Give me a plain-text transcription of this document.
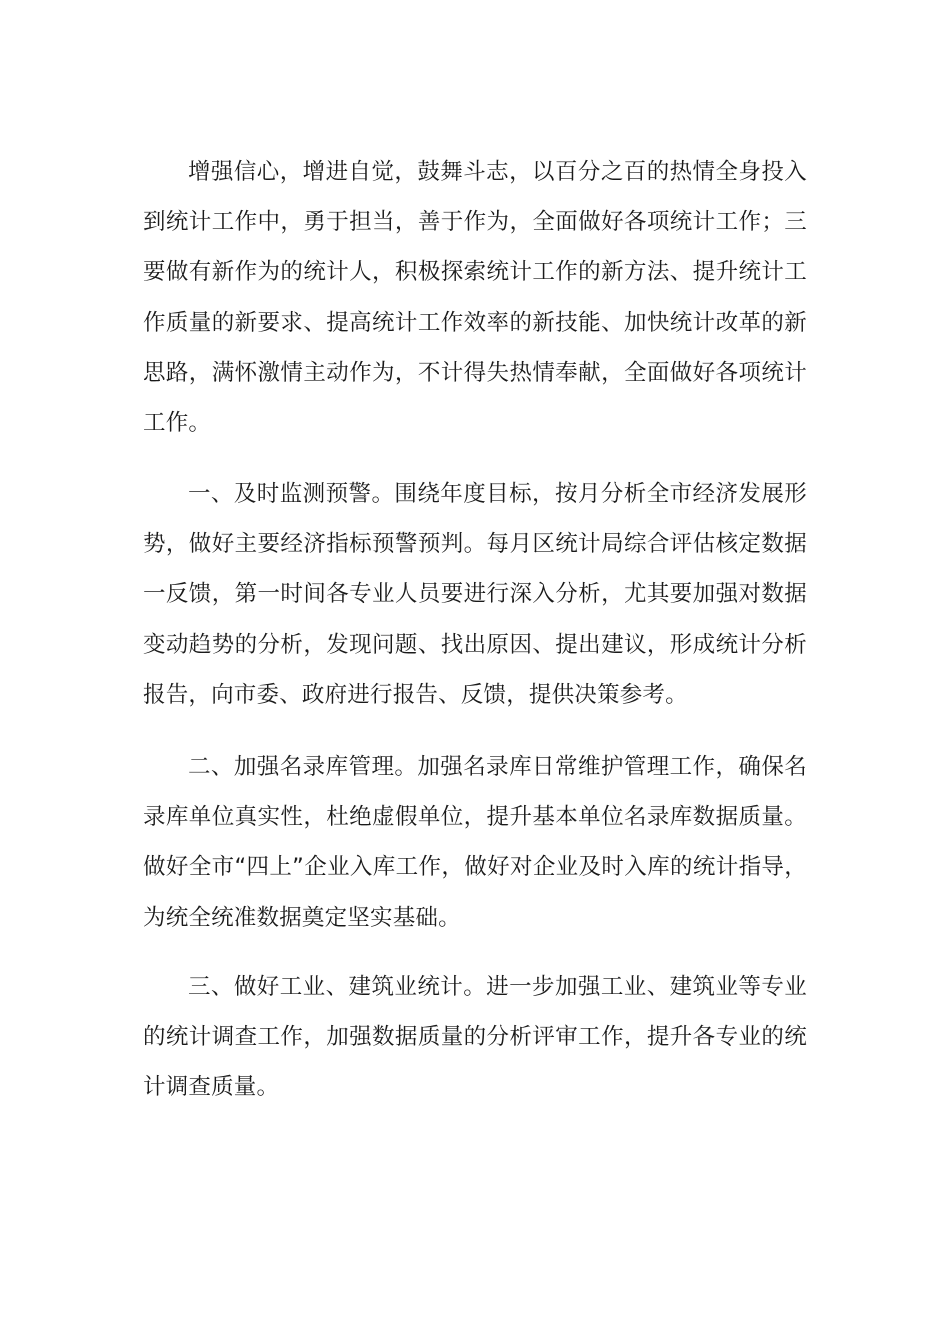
增强信心，增进自觉，鼓舞斗志，以百分之百的热情全身投入到统计工作中，勇于担当，善于作为，全面做好各项统计工作；三要做有新作为的统计人，积极探索统计工作的新方法、提升统计工作质量的新要求、提高统计工作效率的新技能、加快统计改革的新思路，满怀激情主动作为，不计得失热情奉献，全面做好各项统计工作。

一、及时监测预警。围绕年度目标，按月分析全市经济发展形势，做好主要经济指标预警预判。每月区统计局综合评估核定数据一反馈，第一时间各专业人员要进行深入分析，尤其要加强对数据变动趋势的分析，发现问题、找出原因、提出建议，形成统计分析报告，向市委、政府进行报告、反馈，提供决策参考。

二、加强名录库管理。加强名录库日常维护管理工作，确保名录库单位真实性，杜绝虚假单位，提升基本单位名录库数据质量。做好全市“四上”企业入库工作，做好对企业及时入库的统计指导，为统全统准数据奠定坚实基础。

三、做好工业、建筑业统计。进一步加强工业、建筑业等专业的统计调查工作，加强数据质量的分析评审工作，提升各专业的统计调查质量。
